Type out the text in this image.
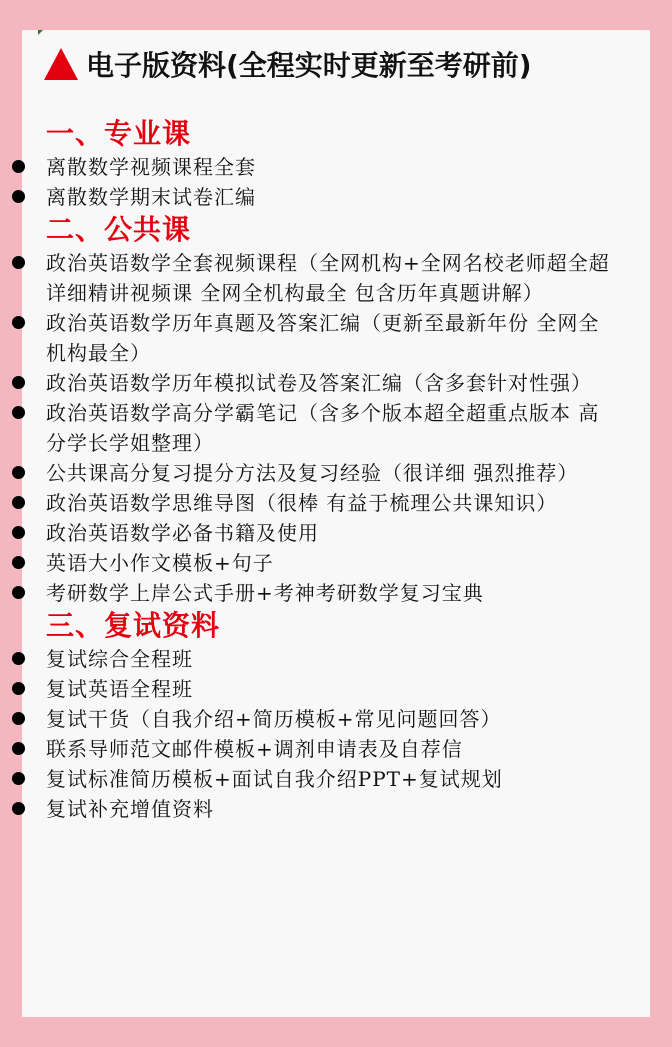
电子版资料(全程实时更新至考研前)
一、专业课
离散数学视频课程全套
离散数学期末试卷汇编
二、公共课
政治英语数学全套视频课程（全网机构+全网名校老师超全超详细精讲视频课 全网全机构最全 包含历年真题讲解）
政治英语数学历年真题及答案汇编（更新至最新年份 全网全机构最全）
政治英语数学历年模拟试卷及答案汇编（含多套针对性强）
政治英语数学高分学霸笔记（含多个版本超全超重点版本 高分学长学姐整理）
公共课高分复习提分方法及复习经验（很详细 强烈推荐）
政治英语数学思维导图（很棒 有益于梳理公共课知识）
政治英语数学必备书籍及使用
英语大小作文模板+句子
考研数学上岸公式手册+考神考研数学复习宝典
三、复试资料
复试综合全程班
复试英语全程班
复试干货（自我介绍+简历模板+常见问题回答）
联系导师范文邮件模板+调剂申请表及自荐信
复试标准简历模板+面试自我介绍PPT+复试规划
复试补充增值资料
